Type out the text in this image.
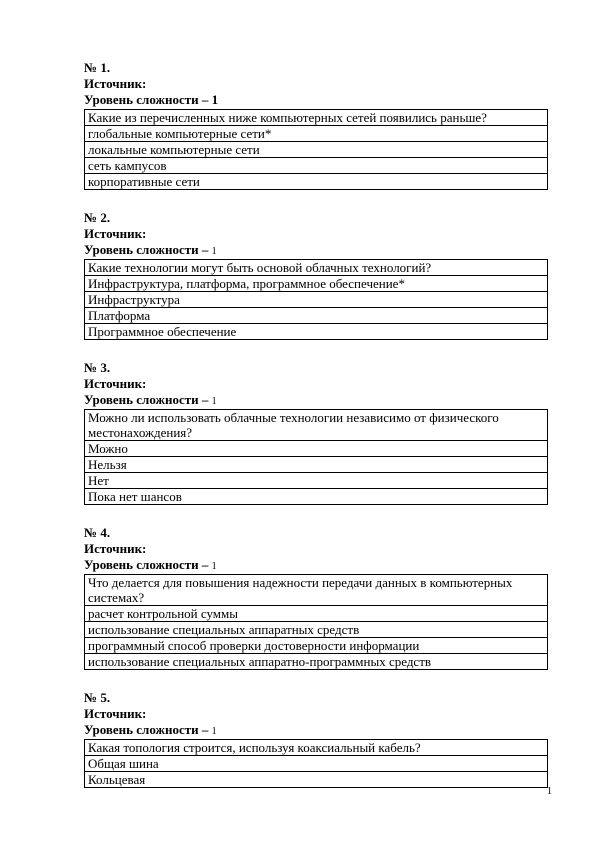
№ 1.
Источник:
Уровень сложности – 1
Какие из перечисленных ниже компьютерных сетей появились раньше?
глобальные компьютерные сети*
локальные компьютерные сети
сеть кампусов
корпоративные сети
№ 2.
Источник:
Уровень сложности – 1
Какие технологии могут быть основой облачных технологий?
Инфраструктура, платформа, программное обеспечение*
Инфраструктура
Платформа
Программное обеспечение
№ 3.
Источник:
Уровень сложности – 1
Можно ли использовать облачные технологии независимо от физического местонахождения?
Можно
Нельзя
Нет
Пока нет шансов
№ 4.
Источник:
Уровень сложности – 1
Что делается для повышения надежности передачи данных в компьютерных системах?
расчет контрольной суммы
использование специальных аппаратных средств
программный способ проверки достоверности информации
использование специальных аппаратно-программных средств
№ 5.
Источник:
Уровень сложности – 1
Какая топология строится, используя коаксиальный кабель?
Общая шина
Кольцевая
1
